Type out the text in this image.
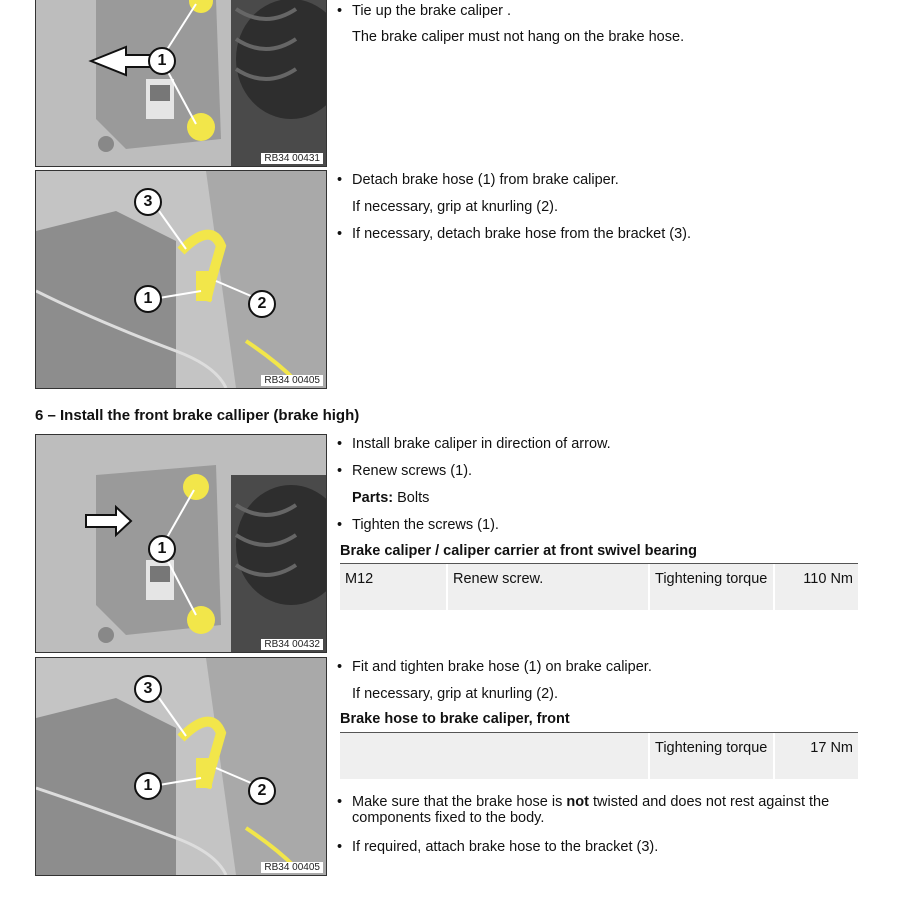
1
RB34 00431
• Tie up the brake caliper .
The brake caliper must not hang on the brake hose.
3
1	2
RB34 00405
• Detach brake hose (1) from brake caliper.
If necessary, grip at knurling (2).
• If necessary, detach brake hose from the bracket (3).
6 – Install the front brake calliper (brake high)
1
RB34 00432
• Install brake caliper in direction of arrow.
• Renew screws (1).
Parts: Bolts
• Tighten the screws (1).
Brake caliper / caliper carrier at front swivel bearing
M12	Renew screw.	Tightening torque	110 Nm
3
1	2
RB34 00405
• Fit and tighten brake hose (1) on brake caliper.
If necessary, grip at knurling (2).
Brake hose to brake caliper, front
Tightening torque	17 Nm
• Make sure that the brake hose is not twisted and does not rest against the components fixed to the body.
• If required, attach brake hose to the bracket (3).
